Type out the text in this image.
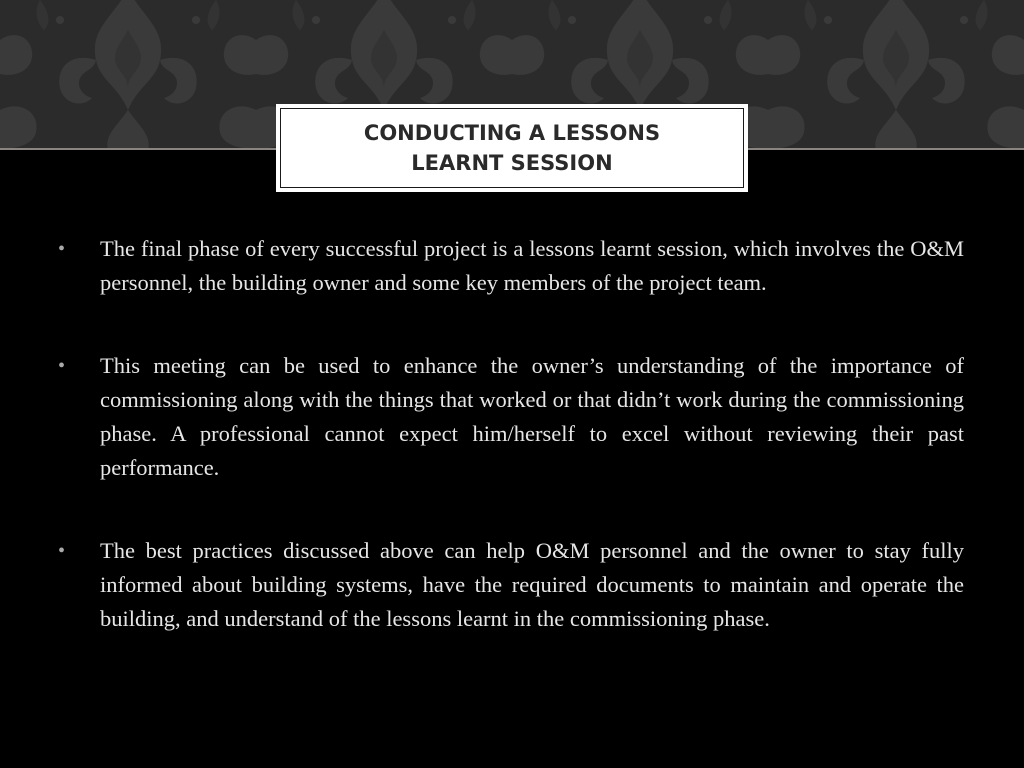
CONDUCTING A LESSONS LEARNT SESSION
• The final phase of every successful project is a lessons learnt session, which involves the O&M personnel, the building owner and some key members of the project team.

• This meeting can be used to enhance the owner’s understanding of the importance of commissioning along with the things that worked or that didn’t work during the commissioning phase. A professional cannot expect him/herself to excel without reviewing their past performance.

• The best practices discussed above can help O&M personnel and the owner to stay fully informed about building systems, have the required documents to maintain and operate the building, and understand of the lessons learnt in the commissioning phase.
